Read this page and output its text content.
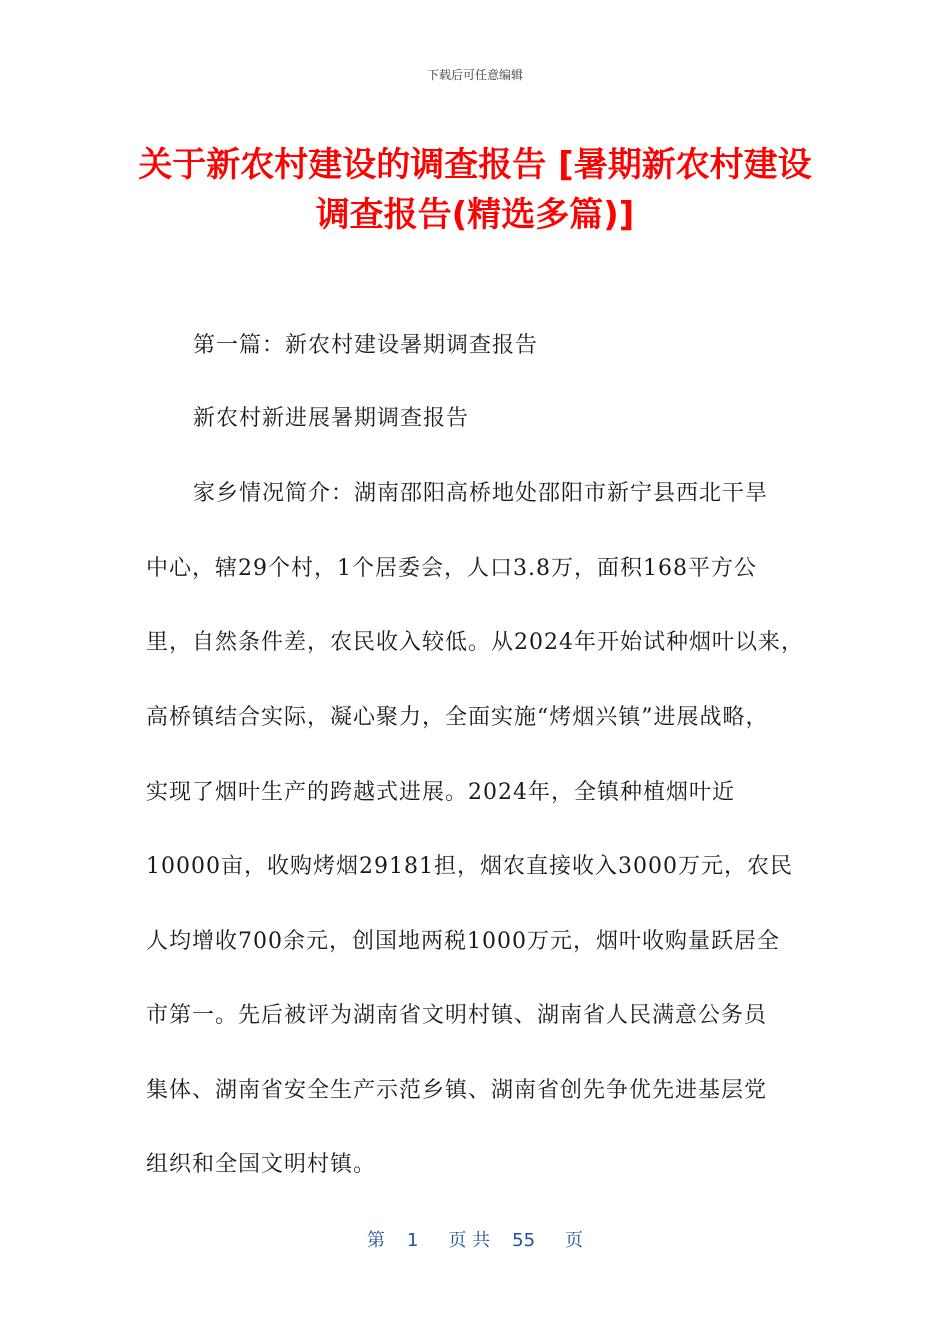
下载后可任意编辑
关于新农村建设的调查报告 [暑期新农村建设
调查报告(精选多篇)]
第一篇：新农村建设暑期调查报告
新农村新进展暑期调查报告
家乡情况简介：湖南邵阳高桥地处邵阳市新宁县西北干旱
中心，辖29个村，1个居委会，人口3.8万，面积168平方公
里，自然条件差，农民收入较低。从2024年开始试种烟叶以来，
高桥镇结合实际，凝心聚力，全面实施“烤烟兴镇”进展战略，
实现了烟叶生产的跨越式进展。2024年，全镇种植烟叶近
10000亩，收购烤烟29181担，烟农直接收入3000万元，农民
人均增收700余元，创国地两税1000万元，烟叶收购量跃居全
市第一。先后被评为湖南省文明村镇、湖南省人民满意公务员
集体、湖南省安全生产示范乡镇、湖南省创先争优先进基层党
组织和全国文明村镇。
第 1 页 共 55 页
